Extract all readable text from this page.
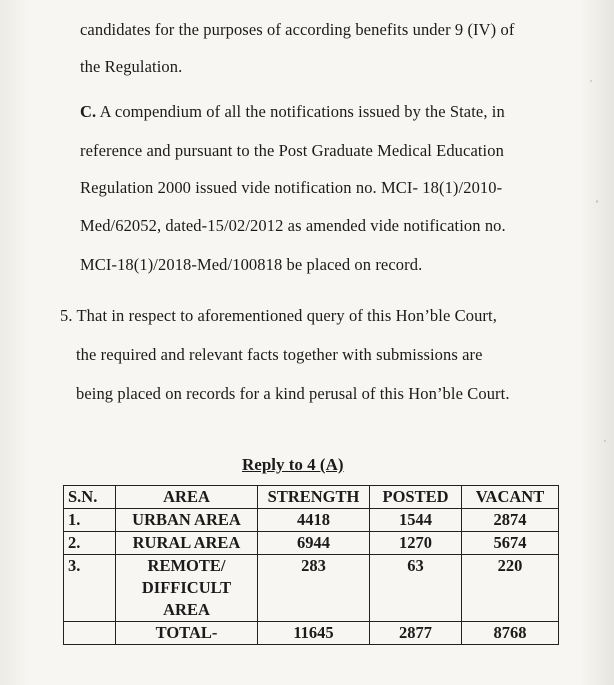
candidates for the purposes of according benefits under 9 (IV) of
the Regulation.
C. A compendium of all the notifications issued by the State, in
reference and pursuant to the Post Graduate Medical Education
Regulation 2000 issued vide notification no. MCI- 18(1)/2010-
Med/62052, dated-15/02/2012 as amended vide notification no.
MCI-18(1)/2018-Med/100818 be placed on record.
5. That in respect to aforementioned query of this Hon’ble Court,
the required and relevant facts together with submissions are
being placed on records for a kind perusal of this Hon’ble Court.
Reply to 4 (A)
S.N.	AREA	STRENGTH	POSTED	VACANT
1.	URBAN AREA	4418	1544	2874
2.	RURAL AREA	6944	1270	5674
3.	REMOTE/
DIFFICULT
AREA	283	63	220
	TOTAL-	11645	2877	8768
